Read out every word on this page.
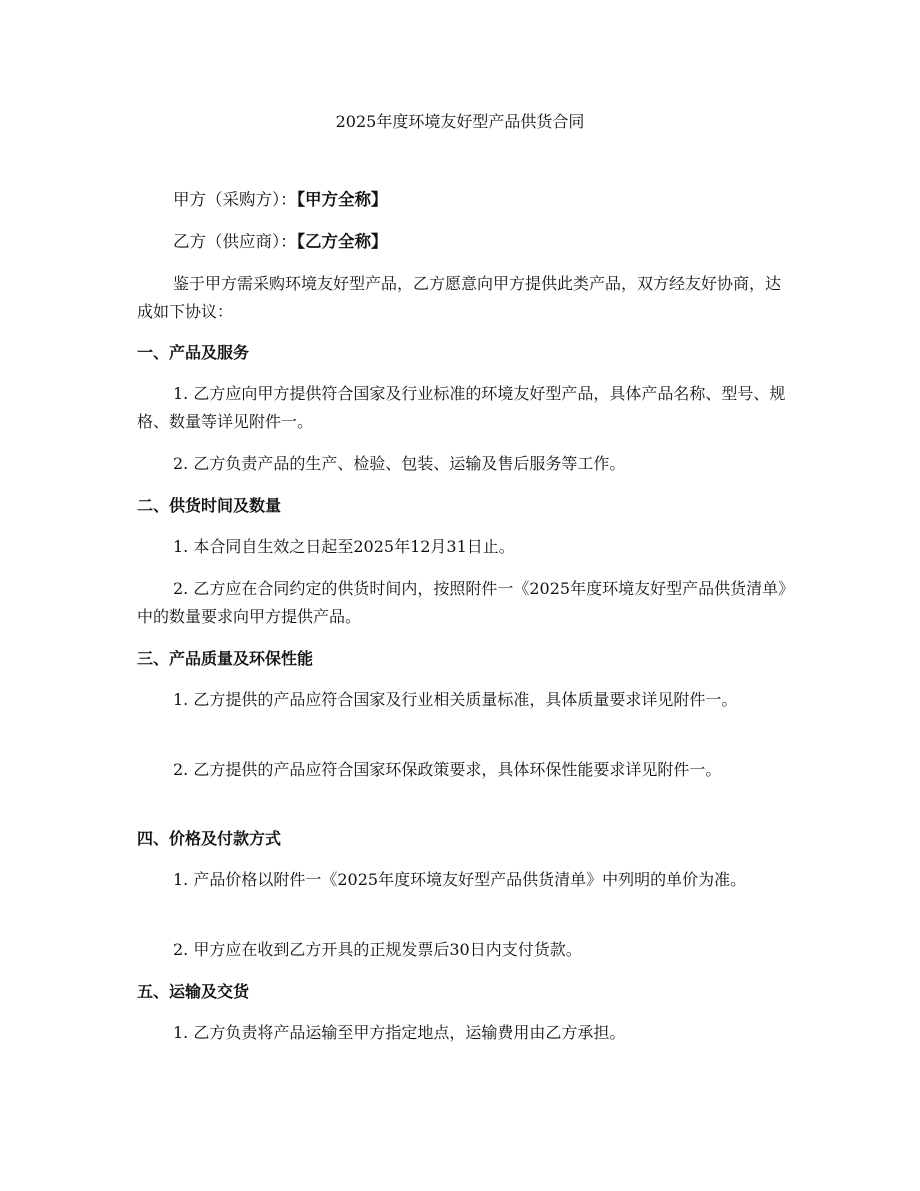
2025年度环境友好型产品供货合同

甲方（采购方）：【甲方全称】

乙方（供应商）：【乙方全称】

鉴于甲方需采购环境友好型产品，乙方愿意向甲方提供此类产品，双方经友好协商，达成如下协议：

一、产品及服务

1. 乙方应向甲方提供符合国家及行业标准的环境友好型产品，具体产品名称、型号、规格、数量等详见附件一。

2. 乙方负责产品的生产、检验、包装、运输及售后服务等工作。

二、供货时间及数量

1. 本合同自生效之日起至2025年12月31日止。

2. 乙方应在合同约定的供货时间内，按照附件一《2025年度环境友好型产品供货清单》中的数量要求向甲方提供产品。

三、产品质量及环保性能

1. 乙方提供的产品应符合国家及行业相关质量标准，具体质量要求详见附件一。

2. 乙方提供的产品应符合国家环保政策要求，具体环保性能要求详见附件一。

四、价格及付款方式

1. 产品价格以附件一《2025年度环境友好型产品供货清单》中列明的单价为准。

2. 甲方应在收到乙方开具的正规发票后30日内支付货款。

五、运输及交货

1. 乙方负责将产品运输至甲方指定地点，运输费用由乙方承担。
